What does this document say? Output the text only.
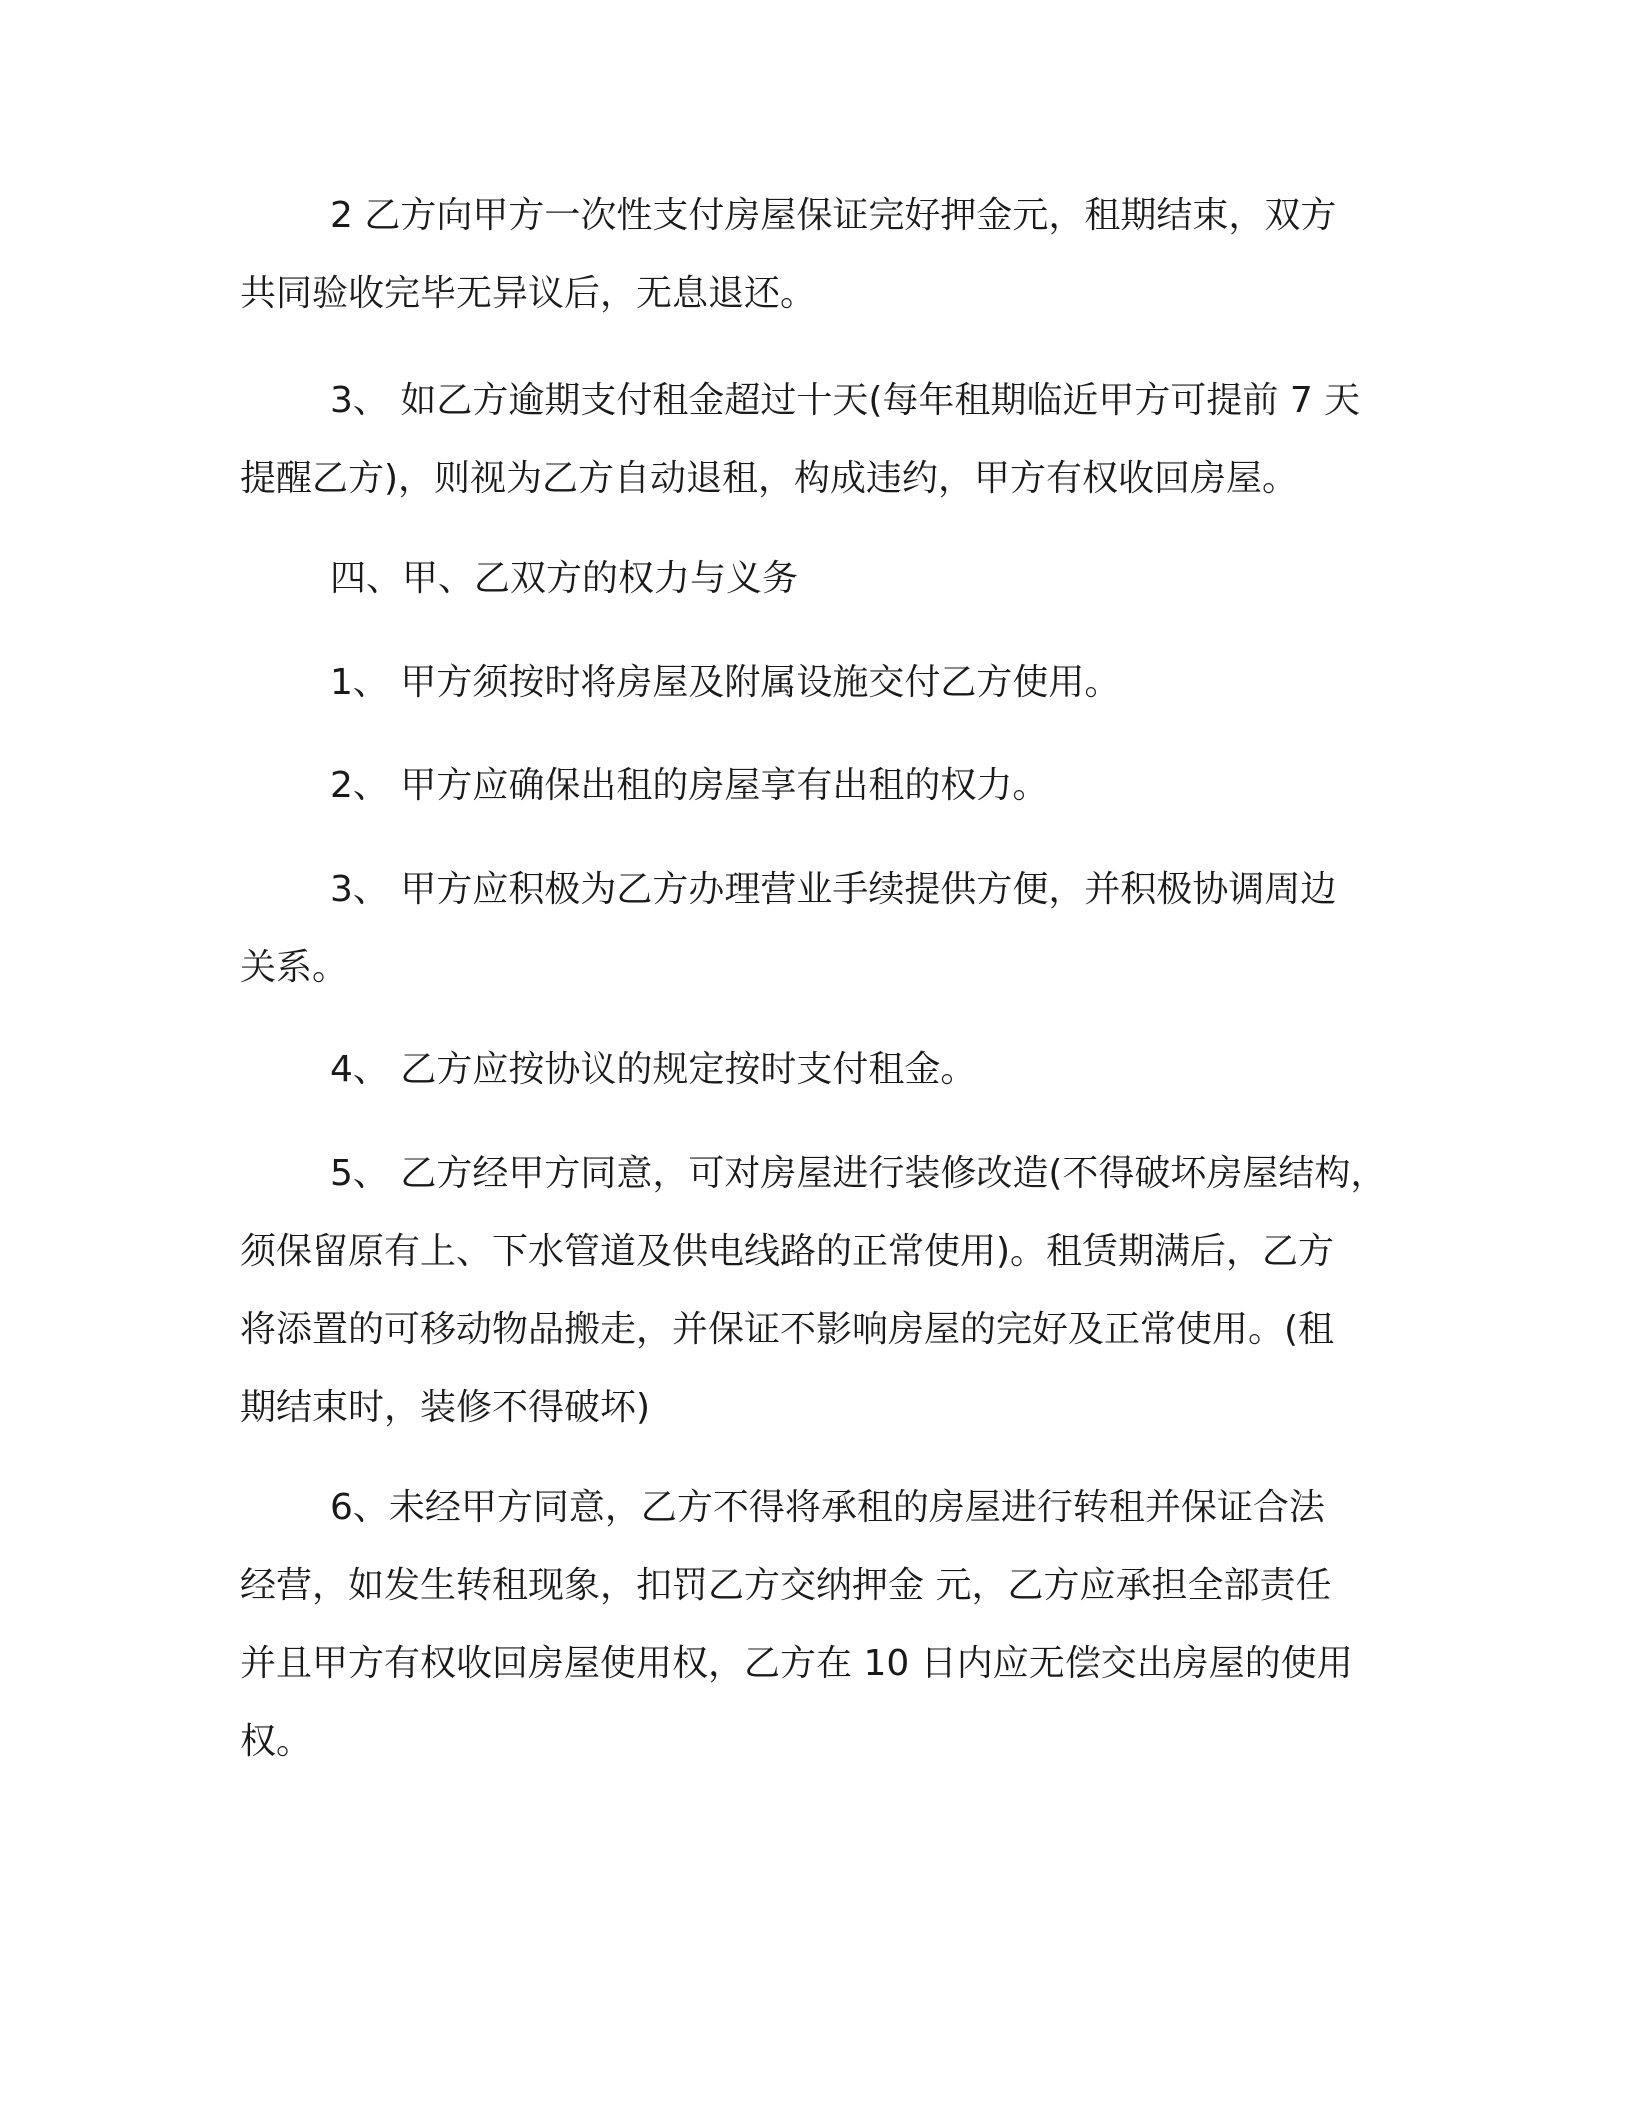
2 乙方向甲方一次性支付房屋保证完好押金元，租期结束，双方
共同验收完毕无异议后，无息退还。
3、 如乙方逾期支付租金超过十天(每年租期临近甲方可提前 7 天
提醒乙方)，则视为乙方自动退租，构成违约，甲方有权收回房屋。
四、甲、乙双方的权力与义务
1、 甲方须按时将房屋及附属设施交付乙方使用。
2、 甲方应确保出租的房屋享有出租的权力。
3、 甲方应积极为乙方办理营业手续提供方便，并积极协调周边
关系。
4、 乙方应按协议的规定按时支付租金。
5、 乙方经甲方同意，可对房屋进行装修改造(不得破坏房屋结构，
须保留原有上、下水管道及供电线路的正常使用)。租赁期满后，乙方
将添置的可移动物品搬走，并保证不影响房屋的完好及正常使用。(租
期结束时，装修不得破坏)
6、未经甲方同意，乙方不得将承租的房屋进行转租并保证合法
经营，如发生转租现象，扣罚乙方交纳押金 元，乙方应承担全部责任
并且甲方有权收回房屋使用权，乙方在 10 日内应无偿交出房屋的使用
权。
